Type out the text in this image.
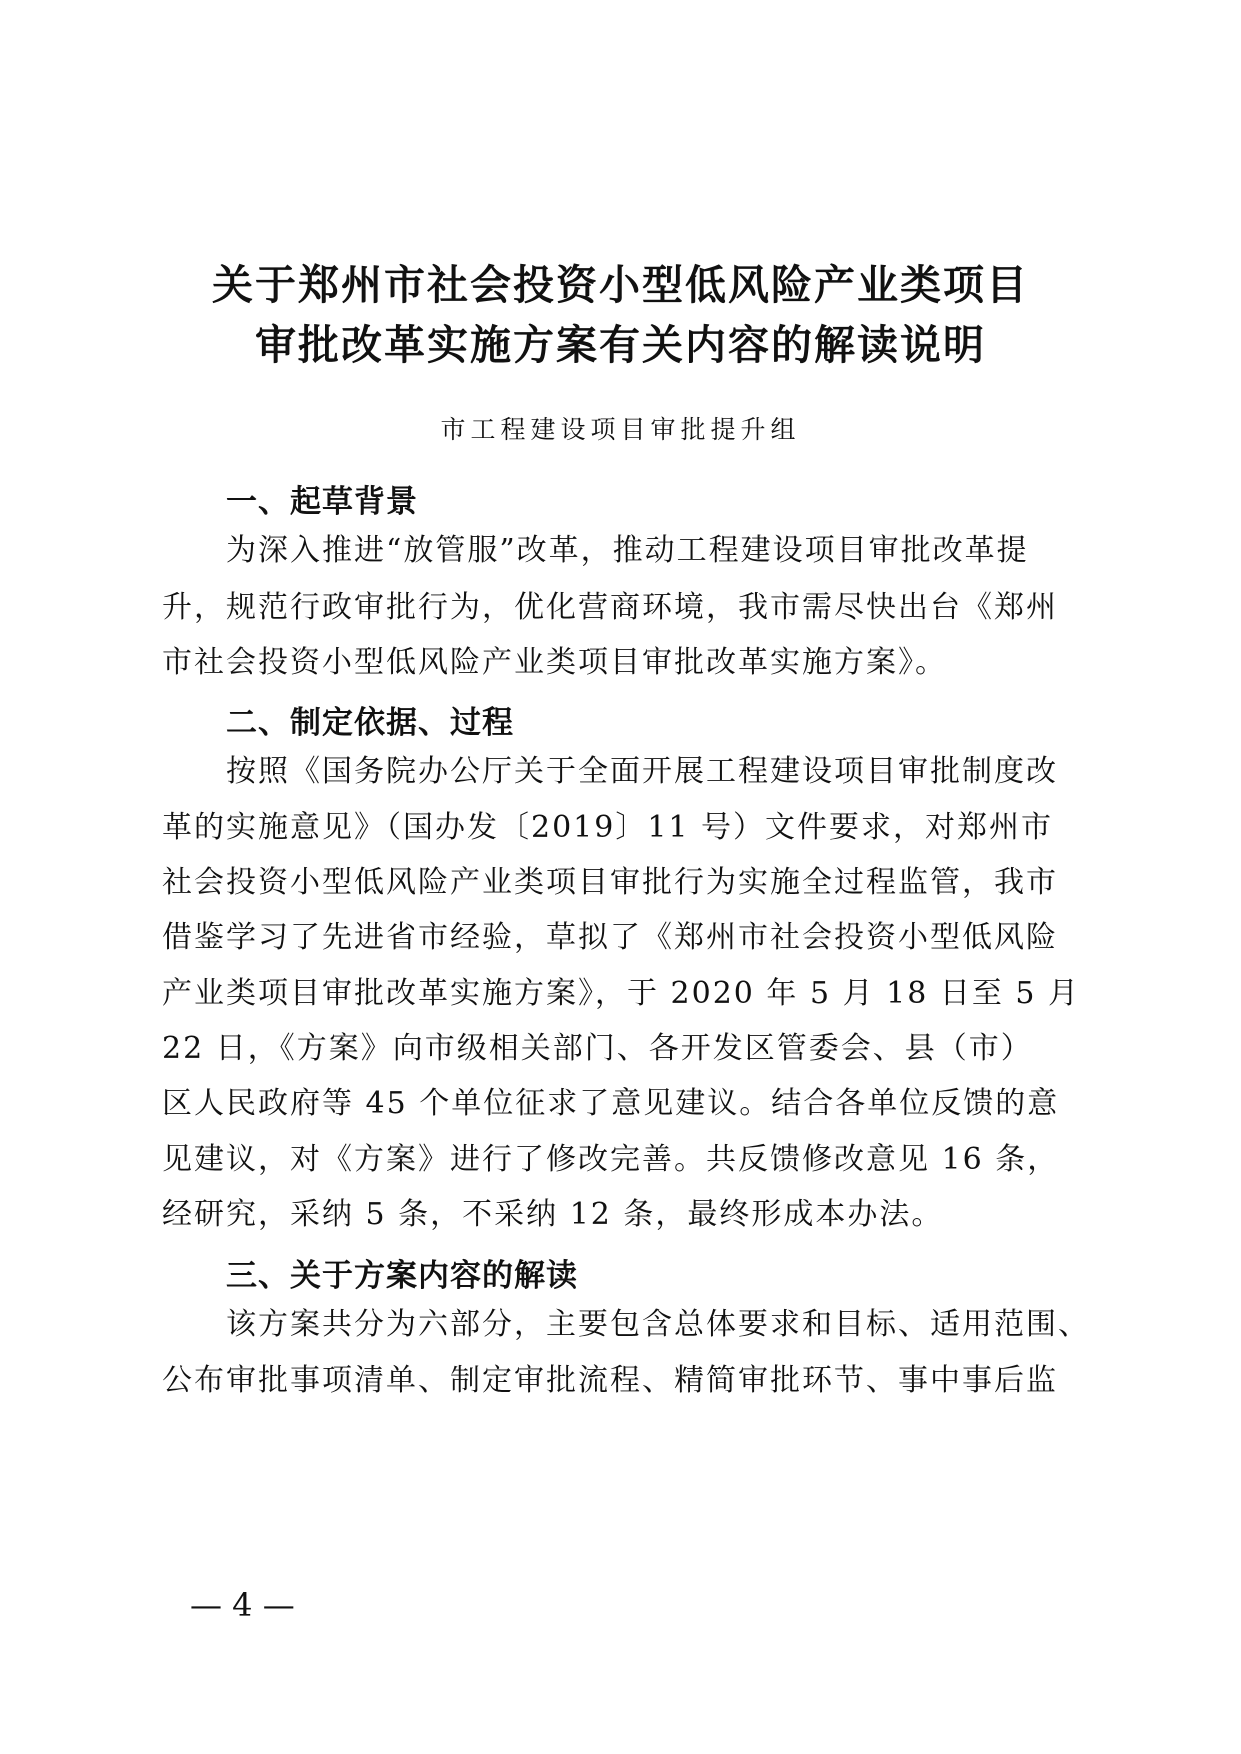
关于郑州市社会投资小型低风险产业类项目
审批改革实施方案有关内容的解读说明
市工程建设项目审批提升组
一、起草背景
为深入推进“放管服”改革，推动工程建设项目审批改革提
升，规范行政审批行为，优化营商环境，我市需尽快出台《郑州
市社会投资小型低风险产业类项目审批改革实施方案》。
二、制定依据、过程
按照《国务院办公厅关于全面开展工程建设项目审批制度改
革的实施意见》（国办发〔2019〕11 号）文件要求，对郑州市
社会投资小型低风险产业类项目审批行为实施全过程监管，我市
借鉴学习了先进省市经验，草拟了《郑州市社会投资小型低风险
产业类项目审批改革实施方案》，于 2020 年 5 月 18 日至 5 月
22 日，《方案》向市级相关部门、各开发区管委会、县（市）
区人民政府等 45 个单位征求了意见建议。结合各单位反馈的意
见建议，对《方案》进行了修改完善。共反馈修改意见 16 条，
经研究，采纳 5 条，不采纳 12 条，最终形成本办法。
三、关于方案内容的解读
该方案共分为六部分，主要包含总体要求和目标、适用范围、
公布审批事项清单、制定审批流程、精简审批环节、事中事后监
— 4 —
